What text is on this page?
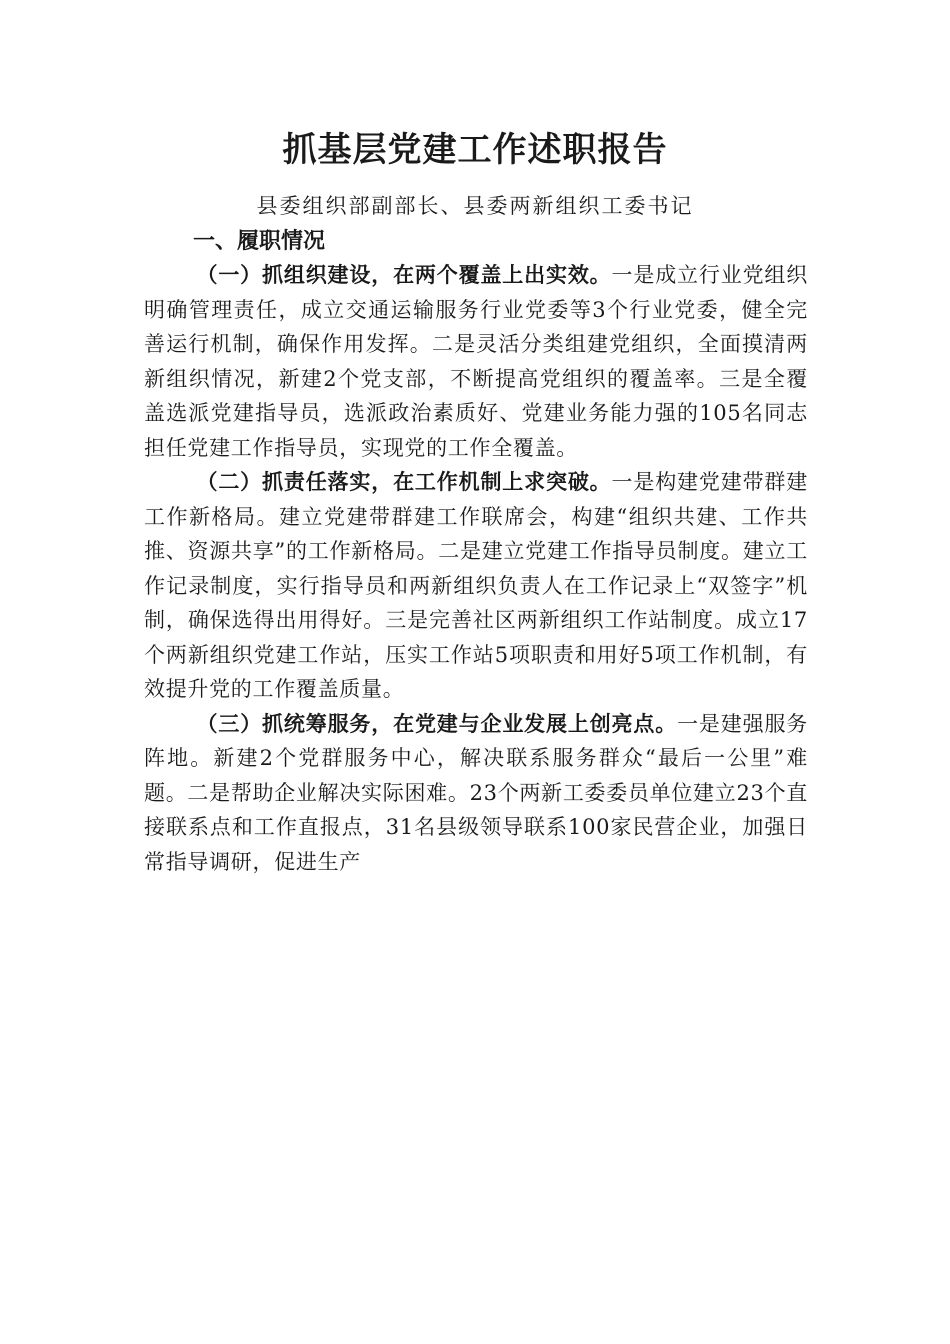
抓基层党建工作述职报告
县委组织部副部长、县委两新组织工委书记
一、履职情况

（一）抓组织建设，在两个覆盖上出实效。一是成立行业党组织明确管理责任，成立交通运输服务行业党委等3个行业党委，健全完善运行机制，确保作用发挥。二是灵活分类组建党组织，全面摸清两新组织情况，新建2个党支部，不断提高党组织的覆盖率。三是全覆盖选派党建指导员，选派政治素质好、党建业务能力强的105名同志担任党建工作指导员，实现党的工作全覆盖。

（二）抓责任落实，在工作机制上求突破。一是构建党建带群建工作新格局。建立党建带群建工作联席会，构建“组织共建、工作共推、资源共享”的工作新格局。二是建立党建工作指导员制度。建立工作记录制度，实行指导员和两新组织负责人在工作记录上“双签字”机制，确保选得出用得好。三是完善社区两新组织工作站制度。成立17个两新组织党建工作站，压实工作站5项职责和用好5项工作机制，有效提升党的工作覆盖质量。

（三）抓统筹服务，在党建与企业发展上创亮点。一是建强服务阵地。新建2个党群服务中心，解决联系服务群众“最后一公里”难题。二是帮助企业解决实际困难。23个两新工委委员单位建立23个直接联系点和工作直报点，31名县级领导联系100家民营企业，加强日常指导调研，促进生产
